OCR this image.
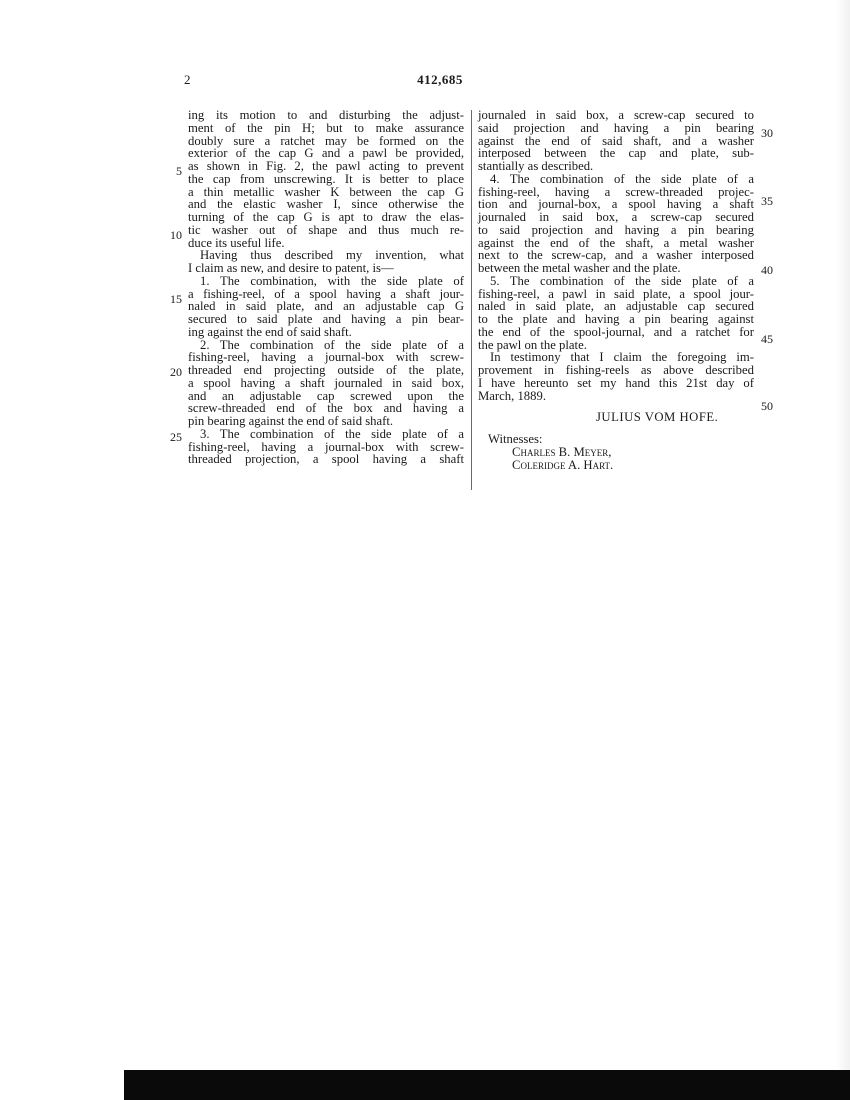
2	412,685
ing its motion to and disturbing the adjust-
ment of the pin H; but to make assurance
doubly sure a ratchet may be formed on the
exterior of the cap G and a pawl be provided,
as shown in Fig. 2, the pawl acting to prevent
the cap from unscrewing. It is better to place
a thin metallic washer K between the cap G
and the elastic washer I, since otherwise the
turning of the cap G is apt to draw the elas-
tic washer out of shape and thus much re-
duce its useful life.
Having thus described my invention, what
I claim as new, and desire to patent, is—
1. The combination, with the side plate of
a fishing-reel, of a spool having a shaft jour-
naled in said plate, and an adjustable cap G
secured to said plate and having a pin bear-
ing against the end of said shaft.
2. The combination of the side plate of a
fishing-reel, having a journal-box with screw-
threaded end projecting outside of the plate,
a spool having a shaft journaled in said box,
and an adjustable cap screwed upon the
screw-threaded end of the box and having a
pin bearing against the end of said shaft.
3. The combination of the side plate of a
fishing-reel, having a journal-box with screw-
threaded projection, a spool having a shaft
journaled in said box, a screw-cap secured to
said projection and having a pin bearing
against the end of said shaft, and a washer
interposed between the cap and plate, sub-
stantially as described.
4. The combination of the side plate of a
fishing-reel, having a screw-threaded projec-
tion and journal-box, a spool having a shaft
journaled in said box, a screw-cap secured
to said projection and having a pin bearing
against the end of the shaft, a metal washer
next to the screw-cap, and a washer interposed
between the metal washer and the plate.
5. The combination of the side plate of a
fishing-reel, a pawl in said plate, a spool jour-
naled in said plate, an adjustable cap secured
to the plate and having a pin bearing against
the end of the spool-journal, and a ratchet for
the pawl on the plate.
In testimony that I claim the foregoing im-
provement in fishing-reels as above described
I have hereunto set my hand this 21st day of
March, 1889.
JULIUS VOM HOFE.
Witnesses:
Charles B. Meyer,
Coleridge A. Hart.
5
10
15
20
25
30
35
40
45
50
